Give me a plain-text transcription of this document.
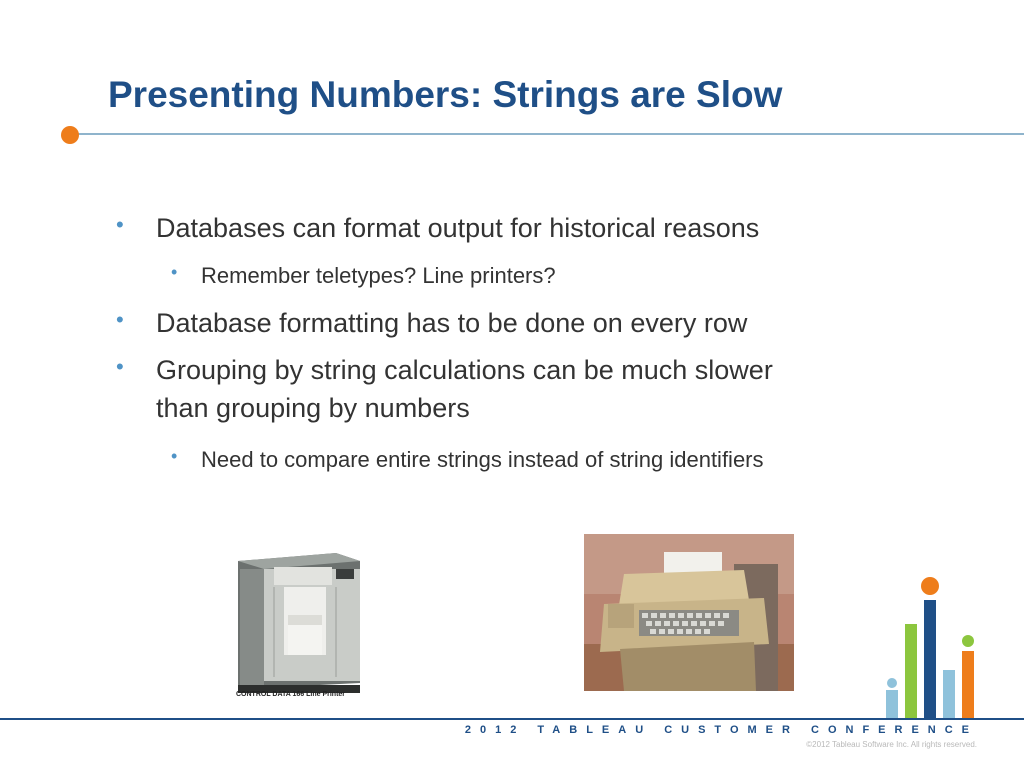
Presenting Numbers: Strings are Slow
• Databases can format output for historical reasons
• Remember teletypes? Line printers?
• Database formatting has to be done on every row
• Grouping by string calculations can be much slower than grouping by numbers
• Need to compare entire strings instead of string identifiers
CONTROL DATA 166 Line Printer
2012 TABLEAU CUSTOMER CONFERENCE
©2012 Tableau Software Inc. All rights reserved.
